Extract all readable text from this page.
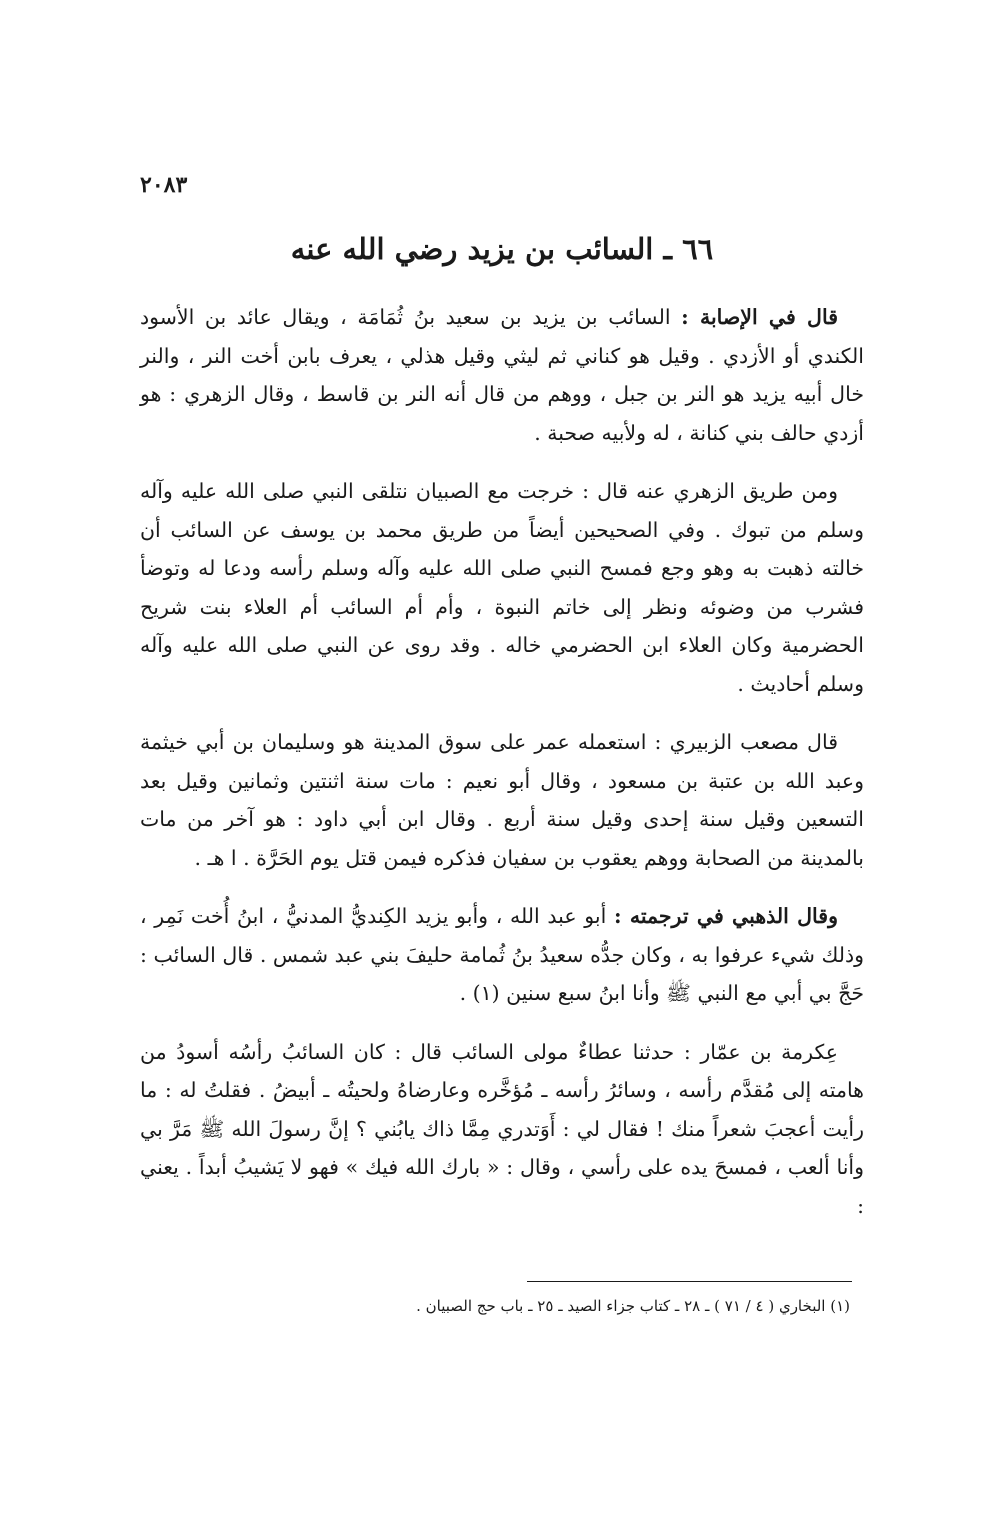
٢٠٨٣
٦٦ ـ السائب بن يزيد رضي الله عنه

قال في الإصابة : السائب بن يزيد بن سعيد بنُ ثُمَامَة ، ويقال عائد بن الأسود الكندي أو الأزدي . وقيل هو كناني ثم ليثي وقيل هذلي ، يعرف بابن أخت النر ، والنر خال أبيه يزيد هو النر بن جبل ، ووهم من قال أنه النر بن قاسط ، وقال الزهري : هو أزدي حالف بني كنانة ، له ولأبيه صحبة .

ومن طريق الزهري عنه قال : خرجت مع الصبيان نتلقى النبي صلى الله عليه وآله وسلم من تبوك . وفي الصحيحين أيضاً من طريق محمد بن يوسف عن السائب أن خالته ذهبت به وهو وجع فمسح النبي صلى الله عليه وآله وسلم رأسه ودعا له وتوضأ فشرب من وضوئه ونظر إلى خاتم النبوة ، وأم أم السائب أم العلاء بنت شريح الحضرمية وكان العلاء ابن الحضرمي خاله . وقد روى عن النبي صلى الله عليه وآله وسلم أحاديث .

قال مصعب الزبيري : استعمله عمر على سوق المدينة هو وسليمان بن أبي خيثمة وعبد الله بن عتبة بن مسعود ، وقال أبو نعيم : مات سنة اثنتين وثمانين وقيل بعد التسعين وقيل سنة إحدى وقيل سنة أربع . وقال ابن أبي داود : هو آخر من مات بالمدينة من الصحابة ووهم يعقوب بن سفيان فذكره فيمن قتل يوم الحَرَّة . ا هـ .

وقال الذهبي في ترجمته : أبو عبد الله ، وأبو يزيد الكِنديُّ المدنيُّ ، ابنُ أُخت نَمِر ، وذلك شيء عرفوا به ، وكان جدُّه سعيدُ بنُ ثُمامة حليفَ بني عبد شمس . قال السائب : حَجَّ بي أبي مع النبي ﷺ وأنا ابنُ سبع سنين (١) .

عِكرمة بن عمّار : حدثنا عطاءٌ مولى السائب قال : كان السائبُ رأسُه أسودُ من هامته إلى مُقدَّم رأسه ، وسائرُ رأسه ـ مُؤخَّره وعارضاهُ ولحيتُه ـ أبيضُ . فقلتُ له : ما رأيت أعجبَ شعراً منك ! فقال لي : أَوَتدري مِمَّا ذاك يابُني ؟ إنَّ رسولَ الله ﷺ مَرَّ بي وأنا ألعب ، فمسحَ يده على رأسي ، وقال : « بارك الله فيك » فهو لا يَشيبُ أبداً . يعني :

(١) البخاري ( ٤ / ٧١ ) ـ ٢٨ ـ كتاب جزاء الصيد ـ ٢٥ ـ باب حج الصبيان .
